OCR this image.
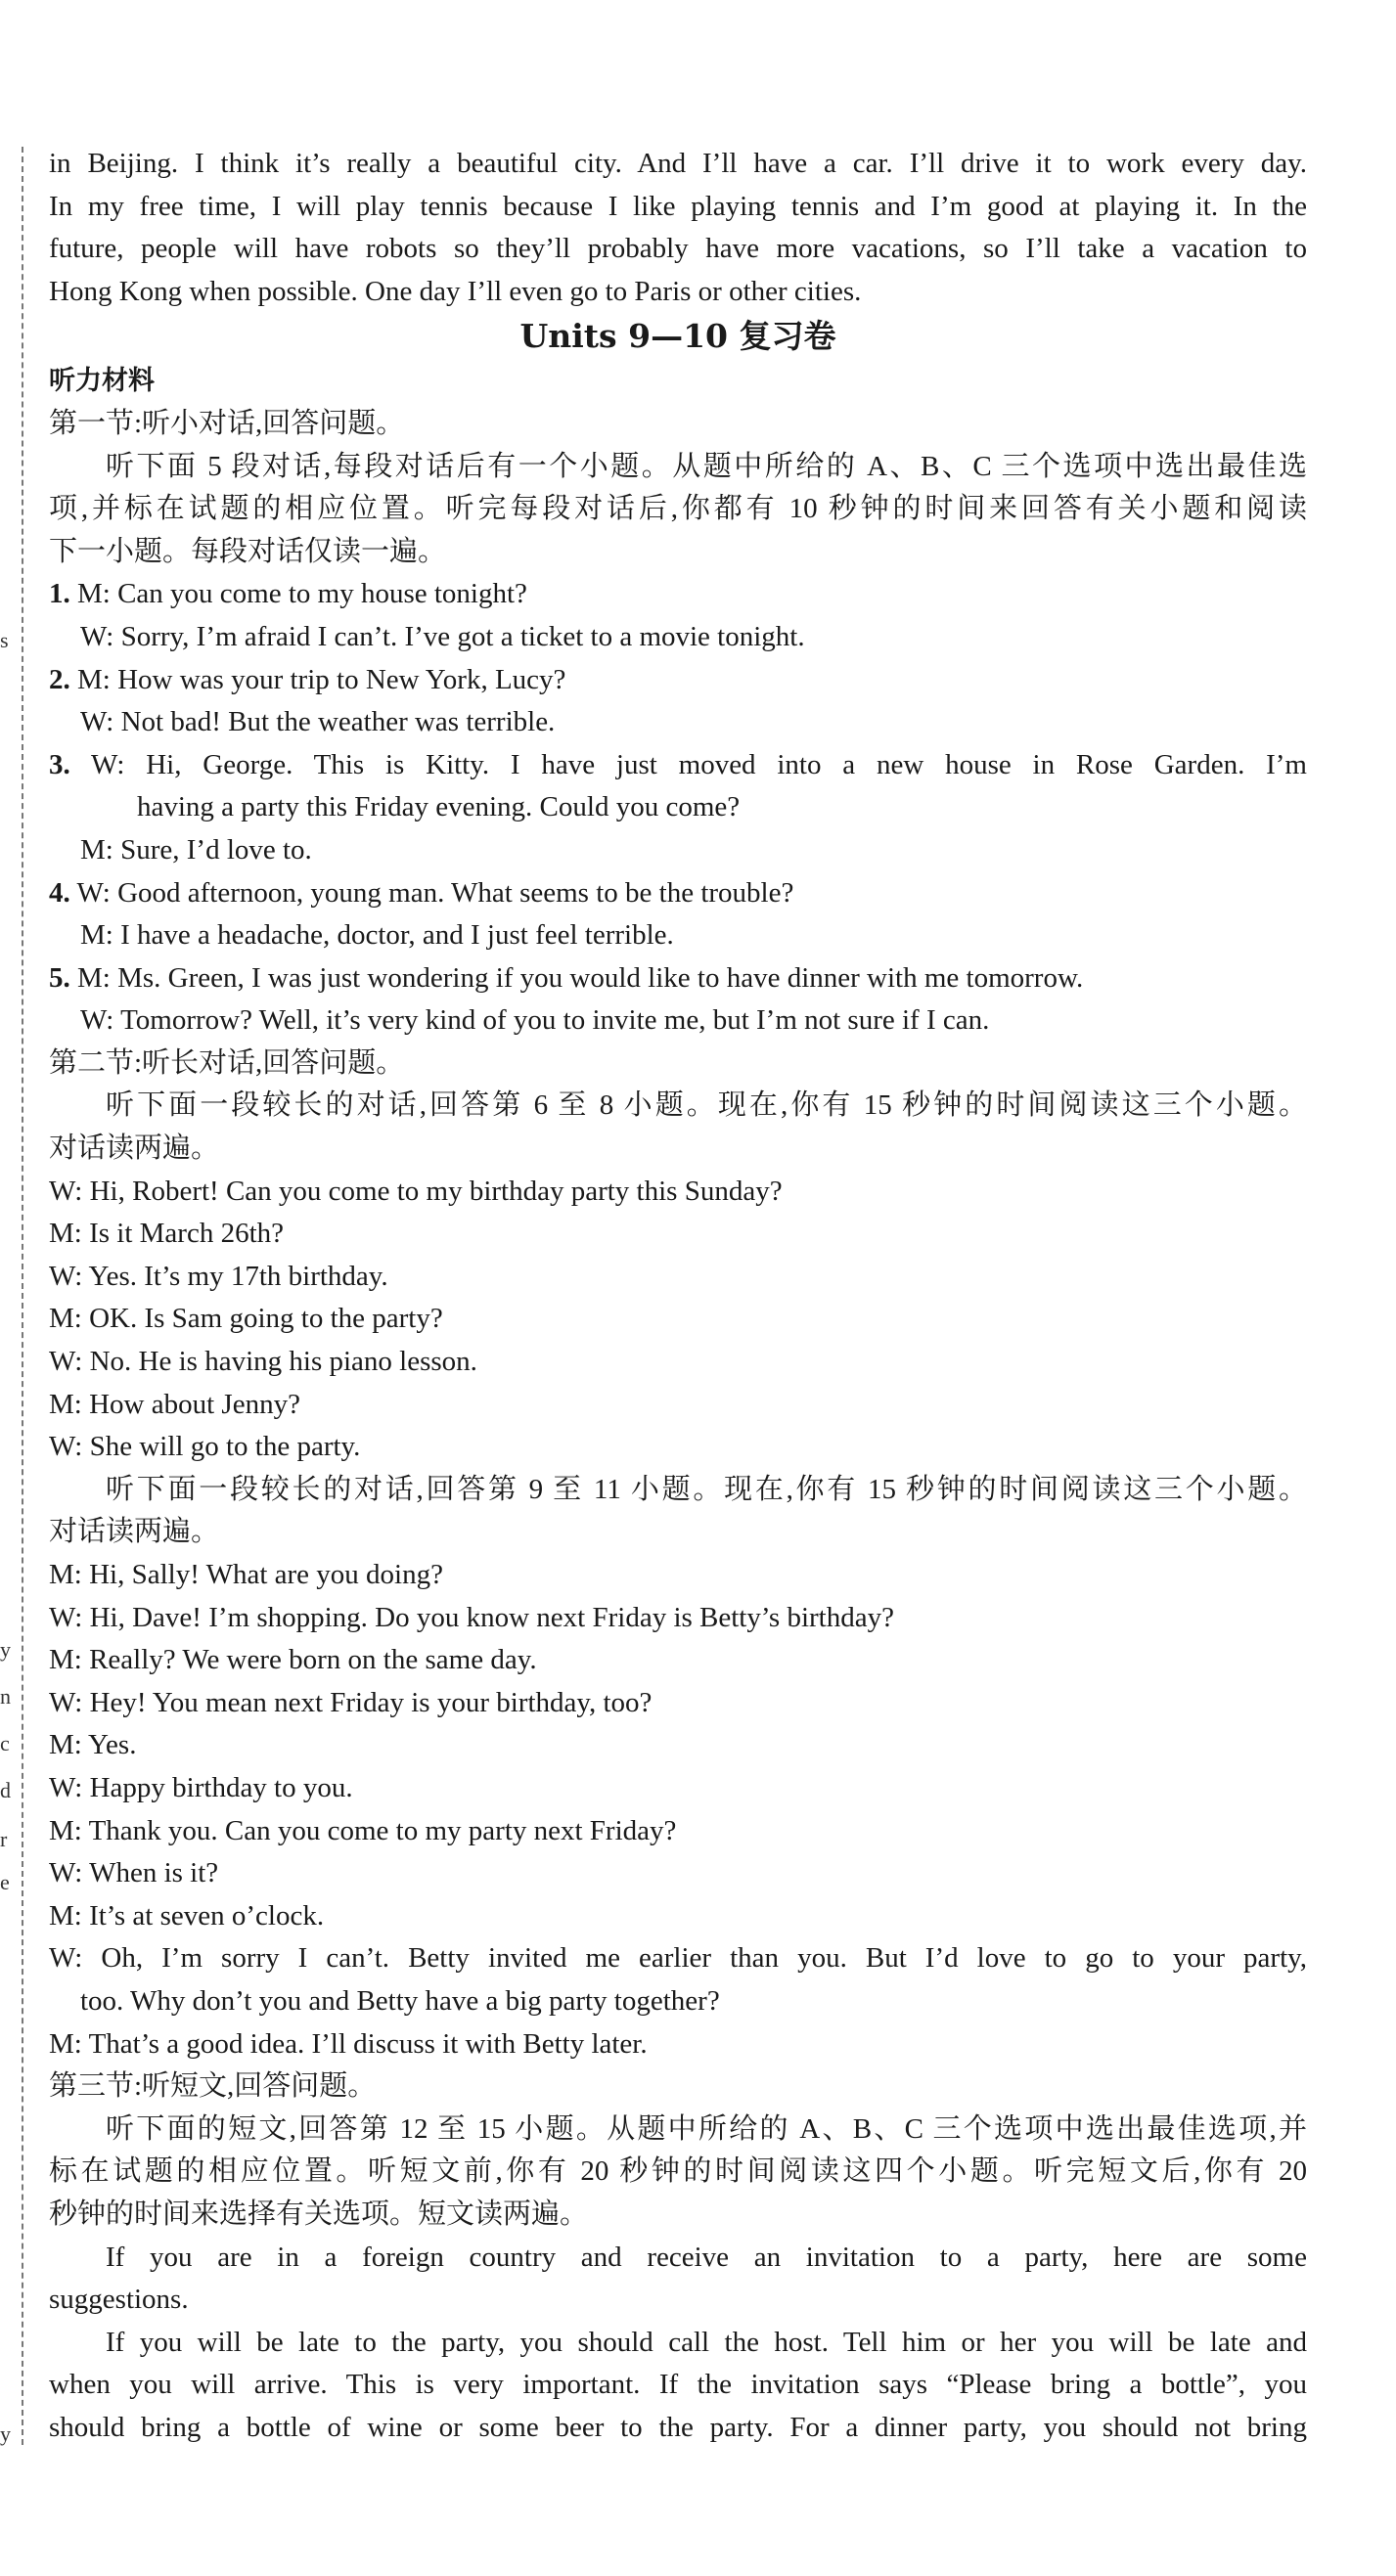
s
y
n
c
d
r
e
y
in Beijing. I think it’s really a beautiful city. And I’ll have a car. I’ll drive it to work every day.
In my free time, I will play tennis because I like playing tennis and I’m good at playing it. In the
future, people will have robots so they’ll probably have more vacations, so I’ll take a vacation to
Hong Kong when possible. One day I’ll even go to Paris or other cities.
Units 9—10 复习卷
听力材料
第一节:听小对话,回答问题。
听下面 5 段对话,每段对话后有一个小题。从题中所给的 A、B、C 三个选项中选出最佳选
项,并标在试题的相应位置。听完每段对话后,你都有 10 秒钟的时间来回答有关小题和阅读
下一小题。每段对话仅读一遍。
1. M: Can you come to my house tonight?
W: Sorry, I’m afraid I can’t. I’ve got a ticket to a movie tonight.
2. M: How was your trip to New York, Lucy?
W: Not bad! But the weather was terrible.
3. W: Hi, George. This is Kitty. I have just moved into a new house in Rose Garden. I’m
having a party this Friday evening. Could you come?
M: Sure, I’d love to.
4. W: Good afternoon, young man. What seems to be the trouble?
M: I have a headache, doctor, and I just feel terrible.
5. M: Ms. Green, I was just wondering if you would like to have dinner with me tomorrow.
W: Tomorrow? Well, it’s very kind of you to invite me, but I’m not sure if I can.
第二节:听长对话,回答问题。
听下面一段较长的对话,回答第 6 至 8 小题。现在,你有 15 秒钟的时间阅读这三个小题。
对话读两遍。
W: Hi, Robert! Can you come to my birthday party this Sunday?
M: Is it March 26th?
W: Yes. It’s my 17th birthday.
M: OK. Is Sam going to the party?
W: No. He is having his piano lesson.
M: How about Jenny?
W: She will go to the party.
听下面一段较长的对话,回答第 9 至 11 小题。现在,你有 15 秒钟的时间阅读这三个小题。
对话读两遍。
M: Hi, Sally! What are you doing?
W: Hi, Dave! I’m shopping. Do you know next Friday is Betty’s birthday?
M: Really? We were born on the same day.
W: Hey! You mean next Friday is your birthday, too?
M: Yes.
W: Happy birthday to you.
M: Thank you. Can you come to my party next Friday?
W: When is it?
M: It’s at seven o’clock.
W: Oh, I’m sorry I can’t. Betty invited me earlier than you. But I’d love to go to your party,
too. Why don’t you and Betty have a big party together?
M: That’s a good idea. I’ll discuss it with Betty later.
第三节:听短文,回答问题。
听下面的短文,回答第 12 至 15 小题。从题中所给的 A、B、C 三个选项中选出最佳选项,并
标在试题的相应位置。听短文前,你有 20 秒钟的时间阅读这四个小题。听完短文后,你有 20
秒钟的时间来选择有关选项。短文读两遍。
If you are in a foreign country and receive an invitation to a party, here are some
suggestions.
If you will be late to the party, you should call the host. Tell him or her you will be late and
when you will arrive. This is very important. If the invitation says “Please bring a bottle”, you
should bring a bottle of wine or some beer to the party. For a dinner party, you should not bring
